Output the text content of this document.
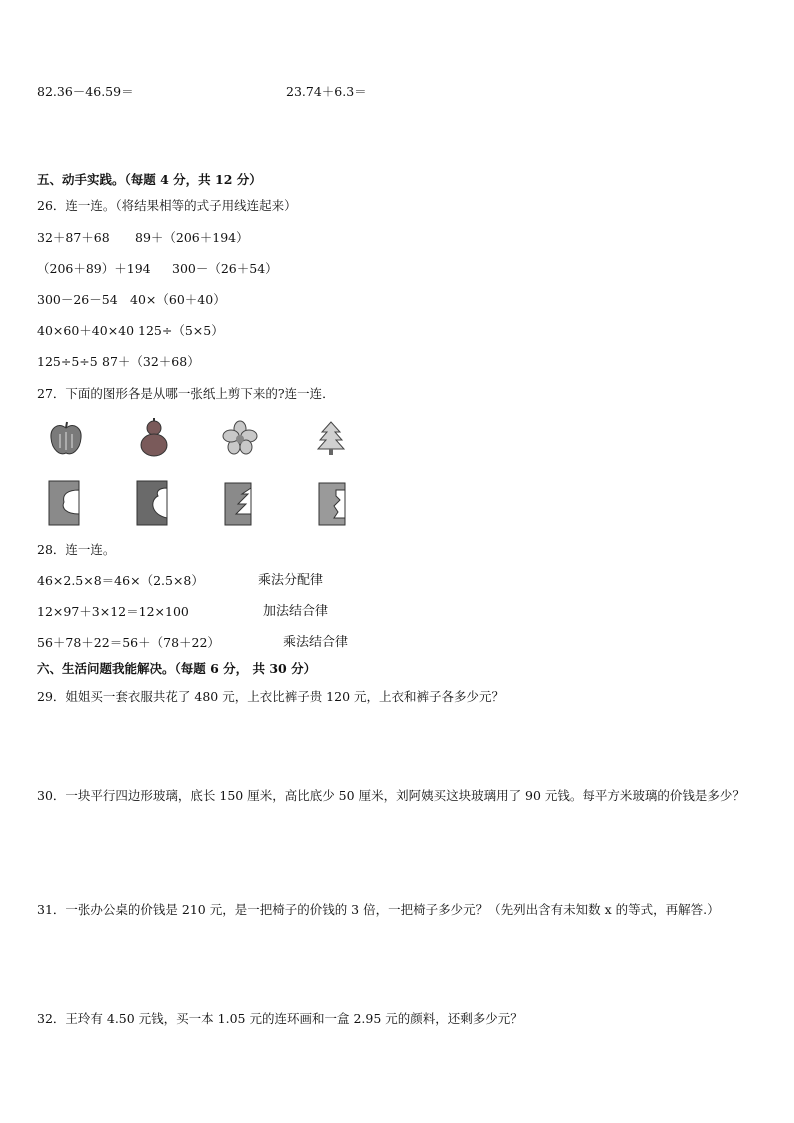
82.36－46.59＝	23.74＋6.3＝
五、动手实践。（每题 4 分，共 12 分）
26．连一连。（将结果相等的式子用线连起来）
32＋87＋68 89＋（206＋194）
（206＋89）＋194 300－（26＋54）
300－26－54 40×（60＋40）
40×60＋40×40 125÷（5×5）
125÷5÷5 87＋（32＋68）
27．下面的图形各是从哪一张纸上剪下来的?连一连．
28．连一连。
46×2.5×8＝46×（2.5×8）	乘法分配律
12×97＋3×12＝12×100	加法结合律
56＋78＋22＝56＋（78＋22）	乘法结合律
六、生活问题我能解决。（每题 6 分， 共 30 分）
29．姐姐买一套衣服共花了 480 元，上衣比裤子贵 120 元，上衣和裤子各多少元？
30．一块平行四边形玻璃，底长 150 厘米，高比底少 50 厘米，刘阿姨买这块玻璃用了 90 元钱。每平方米玻璃的价钱是多少？
31．一张办公桌的价钱是 210 元，是一把椅子的价钱的 3 倍，一把椅子多少元？（先列出含有未知数 x 的等式，再解答.）
32．王玲有 4.50 元钱，买一本 1.05 元的连环画和一盒 2.95 元的颜料，还剩多少元？
